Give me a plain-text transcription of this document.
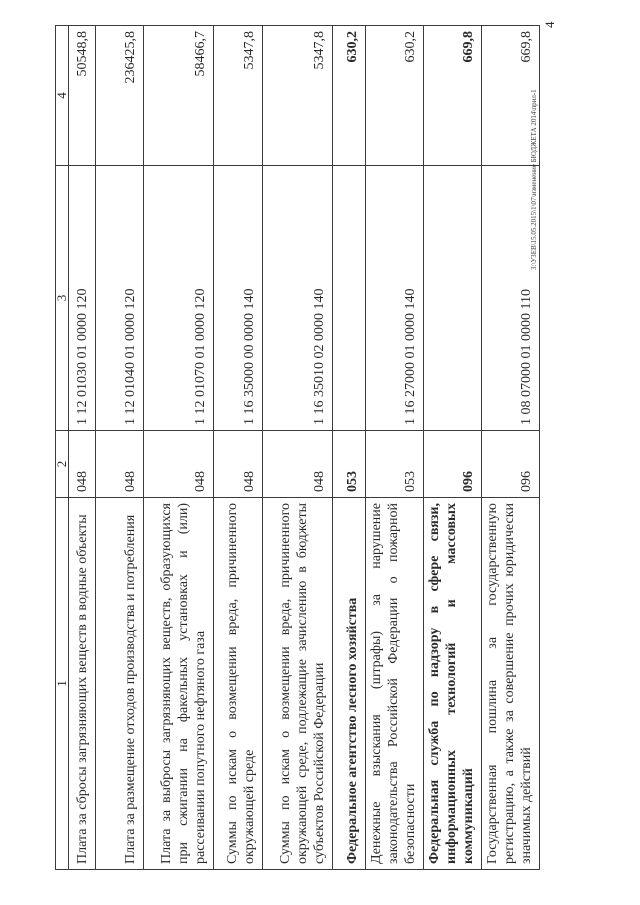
1	2	3	4
Плата за сбросы загрязняющих веществ в водные объекты	048	1 12 01030 01 0000 120	50548,8
Плата за размещение отходов производства и потребления	048	1 12 01040 01 0000 120	236425,8
Плата за выбросы загрязняющих веществ, образующихся при сжигании на факельных установках и (или) рассеивании попутного нефтяного газа	048	1 12 01070 01 0000 120	58466,7
Суммы по искам о возмещении вреда, причиненного окружающей среде	048	1 16 35000 00 0000 140	5347,8
Суммы по искам о возмещении вреда, причиненного окружающей среде, подлежащие зачислению в бюджеты субъектов Российской Федерации	048	1 16 35010 02 0000 140	5347,8
Федеральное агентство лесного хозяйства	053		630,2
Денежные взыскания (штрафы) за нарушение законодательства Российской Федерации о пожарной безопасности	053	1 16 27000 01 0000 140	630,2
Федеральная служба по надзору в сфере связи, информационных технологий и массовых коммуникаций	096		669,8
Государственная пошлина за государственную регистрацию, а также за совершение прочих юридически значимых действий	096	1 08 07000 01 0000 110	669,8
З:\УЗЕВ\15.05.2015\1\07\изменение БЮДЖЕТА 2014\прил-1
4
